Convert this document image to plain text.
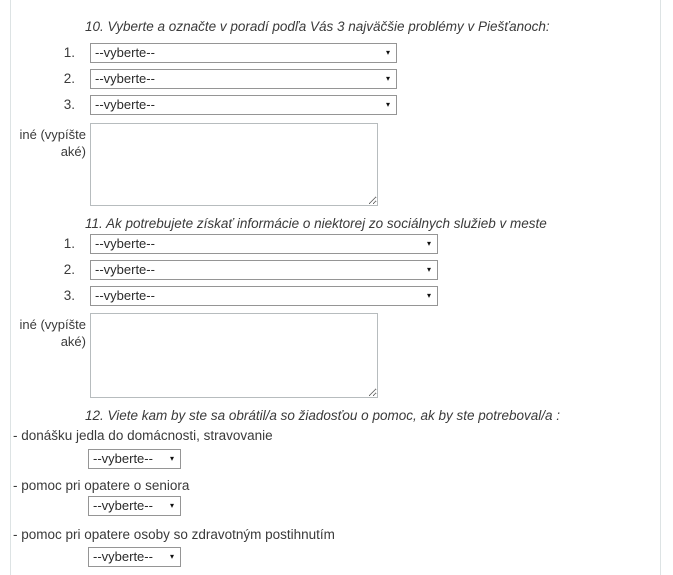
10. Vyberte a označte v poradí podľa Vás 3 najväčšie problémy v Piešťanoch:
1.
--vyberte--	▾
2.
--vyberte--	▾
3.
--vyberte--	▾
iné (vypíšte aké)
11. Ak potrebujete získať informácie o niektorej zo sociálnych služieb v meste
1.
--vyberte--	▾
2.
--vyberte--	▾
3.
--vyberte--	▾
iné (vypíšte aké)
12. Viete kam by ste sa obrátil/a so žiadosťou o pomoc, ak by ste potreboval/a :
- donášku jedla do domácnosti, stravovanie
--vyberte--
▾
- pomoc pri opatere o seniora
--vyberte--
▾
- pomoc pri opatere osoby so zdravotným postihnutím
--vyberte--
▾
